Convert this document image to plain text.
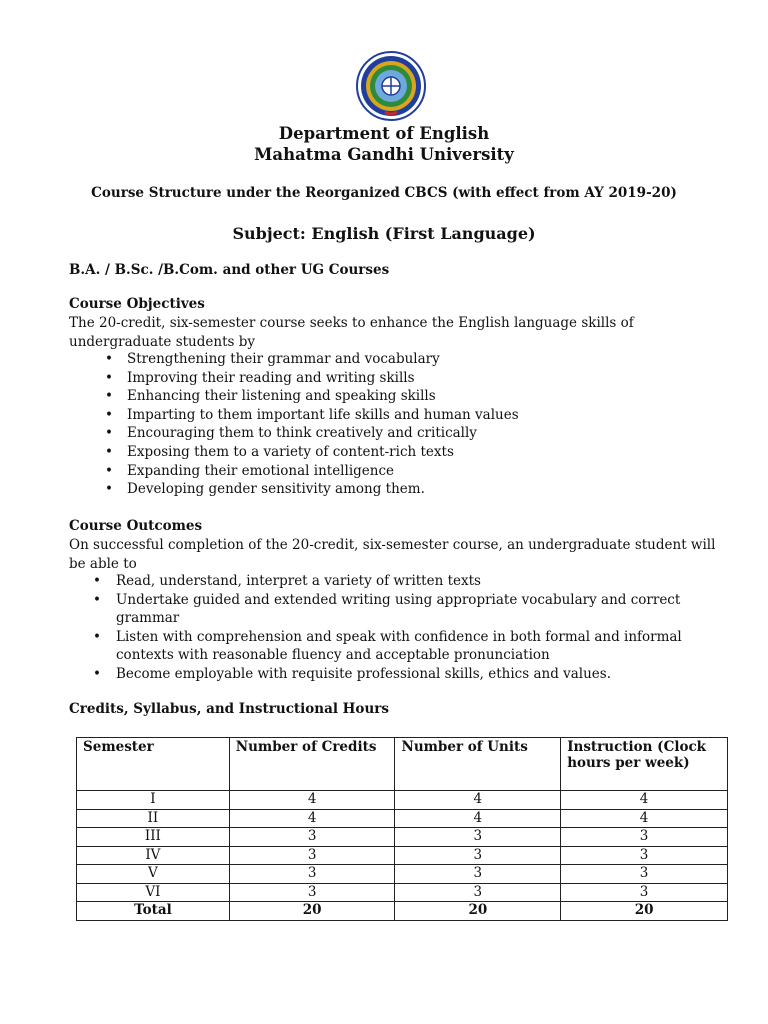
Department of English
Mahatma Gandhi University
Course Structure under the Reorganized CBCS (with effect from AY 2019-20)
Subject: English (First Language)
B.A. / B.Sc. /B.Com. and other UG Courses
Course Objectives
The 20-credit, six-semester course seeks to enhance the English language skills of undergraduate students by
• Strengthening their grammar and vocabulary
• Improving their reading and writing skills
• Enhancing their listening and speaking skills
• Imparting to them important life skills and human values
• Encouraging them to think creatively and critically
• Exposing them to a variety of content-rich texts
• Expanding their emotional intelligence
• Developing gender sensitivity among them.
Course Outcomes
On successful completion of the 20-credit, six-semester course, an undergraduate student will be able to
• Read, understand, interpret a variety of written texts
• Undertake guided and extended writing using appropriate vocabulary and correct grammar
• Listen with comprehension and speak with confidence in both formal and informal contexts with reasonable fluency and acceptable pronunciation
• Become employable with requisite professional skills, ethics and values.
Credits, Syllabus, and Instructional Hours
Semester	Number of Credits	Number of Units	Instruction (Clock hours per week)
I	4	4	4
II	4	4	4
III	3	3	3
IV	3	3	3
V	3	3	3
VI	3	3	3
Total	20	20	20
